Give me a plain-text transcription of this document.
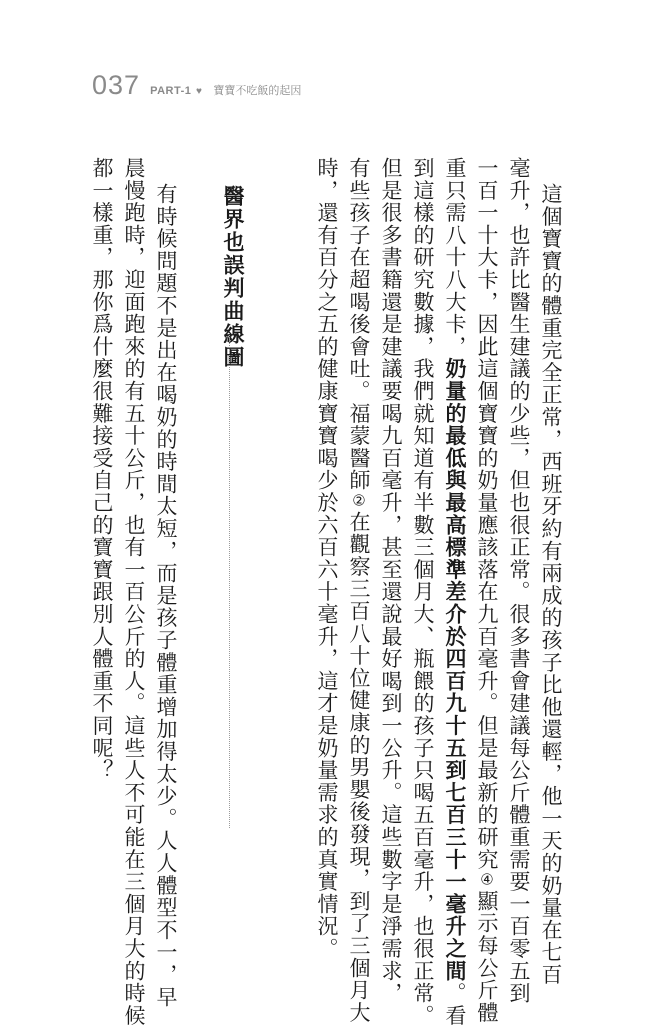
037 PART-1 ♥ 寶寶不吃飯的起因
這個寶寶的體重完全正常，西班牙約有兩成的孩子比他還輕，他一天的奶量在七百
毫升，也許比醫生建議的少些，但也很正常。很多書會建議每公斤體重需要一百零五到
一百一十大卡，因此這個寶寶的奶量應該落在九百毫升。但是最新的研究④顯示每公斤體
重只需八十八大卡，奶量的最低與最高標準差介於四百九十五到七百三十一毫升之間。看
到這樣的研究數據，我們就知道有半數三個月大、瓶餵的孩子只喝五百毫升，也很正常。
但是很多書籍還是建議要喝九百毫升，甚至還說最好喝到一公升。這些數字是淨需求，
有些孩子在超喝後會吐。福蒙醫師②在觀察三百八十位健康的男嬰後發現，到了三個月大
時，還有百分之五的健康寶寶喝少於六百六十毫升，這才是奶量需求的真實情況。
醫界也誤判曲線圖
有時候問題不是出在喝奶的時間太短，而是孩子體重增加得太少。人人體型不一，早
晨慢跑時，迎面跑來的有五十公斤，也有一百公斤的人。這些人不可能在三個月大的時候
都一樣重，那你爲什麼很難接受自己的寶寶跟別人體重不同呢？
